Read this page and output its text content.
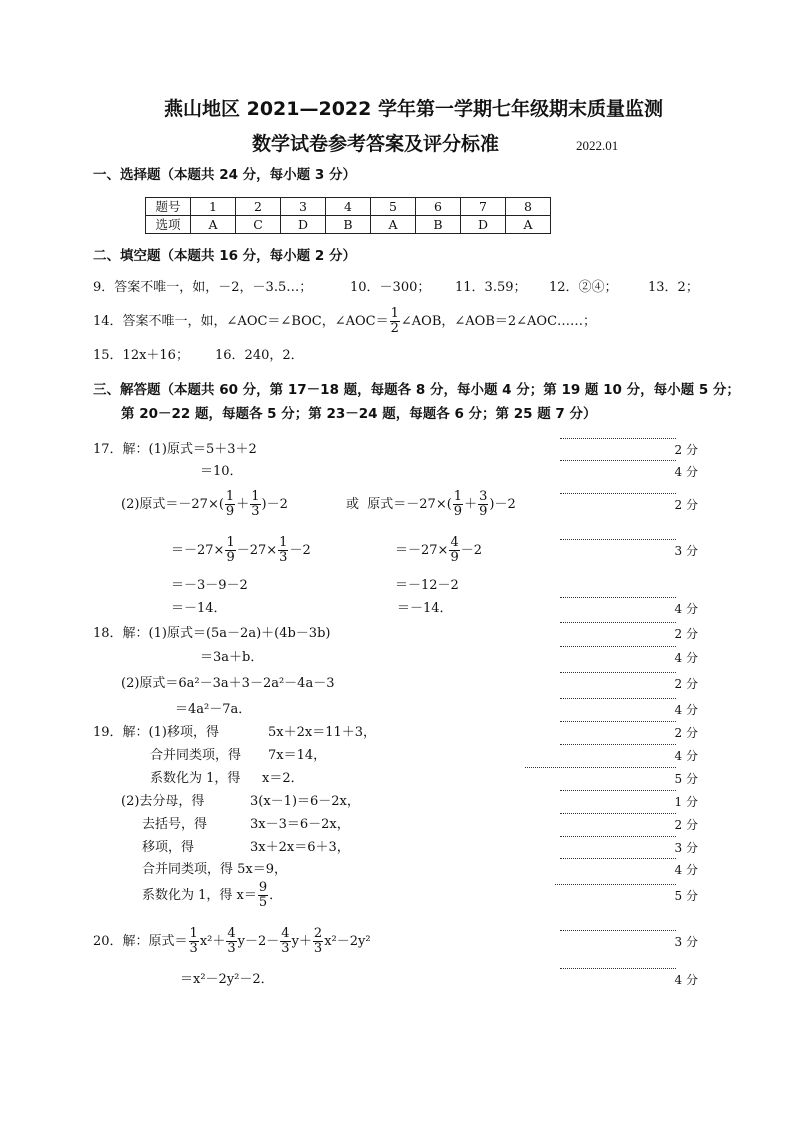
燕山地区 2021—2022 学年第一学期七年级期末质量监测
数学试卷参考答案及评分标准	2022.01
一、选择题（本题共 24 分，每小题 3 分）
题号	1	2	3	4	5	6	7	8
选项	A	C	D	B	A	B	D	A
二、填空题（本题共 16 分，每小题 2 分）
9．答案不唯一，如，－2，－3.5…；	10．－300； 11．3.59； 12．②④； 13．2；
14．答案不唯一，如，∠AOC＝∠BOC，∠AOC＝ $\frac{1}{2}$ ∠AOB，∠AOB＝2∠AOC……；
15．12x＋16； 16．240，2．
三、解答题（本题共 60 分，第 17－18 题，每题各 8 分，每小题 4 分；第 19 题 10 分，每小题 5 分；
第 20－22 题，每题各 5 分；第 23－24 题，每题各 6 分；第 25 题 7 分）
17．解：(1)原式＝5＋3＋2	2 分
＝10．	4 分
(2)原式$=-27\times( \frac{1}{9} + \frac{1}{3} )-2$	或 原式$=-27\times( \frac{1}{9} + \frac{3}{9} )-2$	2 分
$=-27\times \frac{1}{9} -27\times \frac{1}{3} -2$	$=-27\times \frac{4}{9} -2$	3 分
＝－3－9－2	＝－12－2
＝－14．	＝－14．	4 分
18．解：(1)原式＝(5a－2a)＋(4b－3b)	2 分
＝3a＋b．	4 分
(2)原式＝6a²－3a＋3－2a²－4a－3	2 分
＝4a²－7a．	4 分
19．解：(1)移项，得	5x＋2x＝11＋3，	2 分
合并同类项，得 7x＝14，	4 分
系数化为 1，得 x＝2．	5 分
(2)去分母，得	3(x－1)＝6－2x，	1 分
去括号，得	3x－3＝6－2x，	2 分
移项，得	3x＋2x＝6＋3，	3 分
合并同类项，得 5x＝9，	4 分
系数化为 1，得 $x= \frac{9}{5}$ ．	5 分
20．解：原式＝ $\frac{1}{3} x^2+ \frac{4}{3} y-2- \frac{4}{3} y+ \frac{2}{3} x^2-2y^2$	3 分
＝x²－2y²－2．	4 分
